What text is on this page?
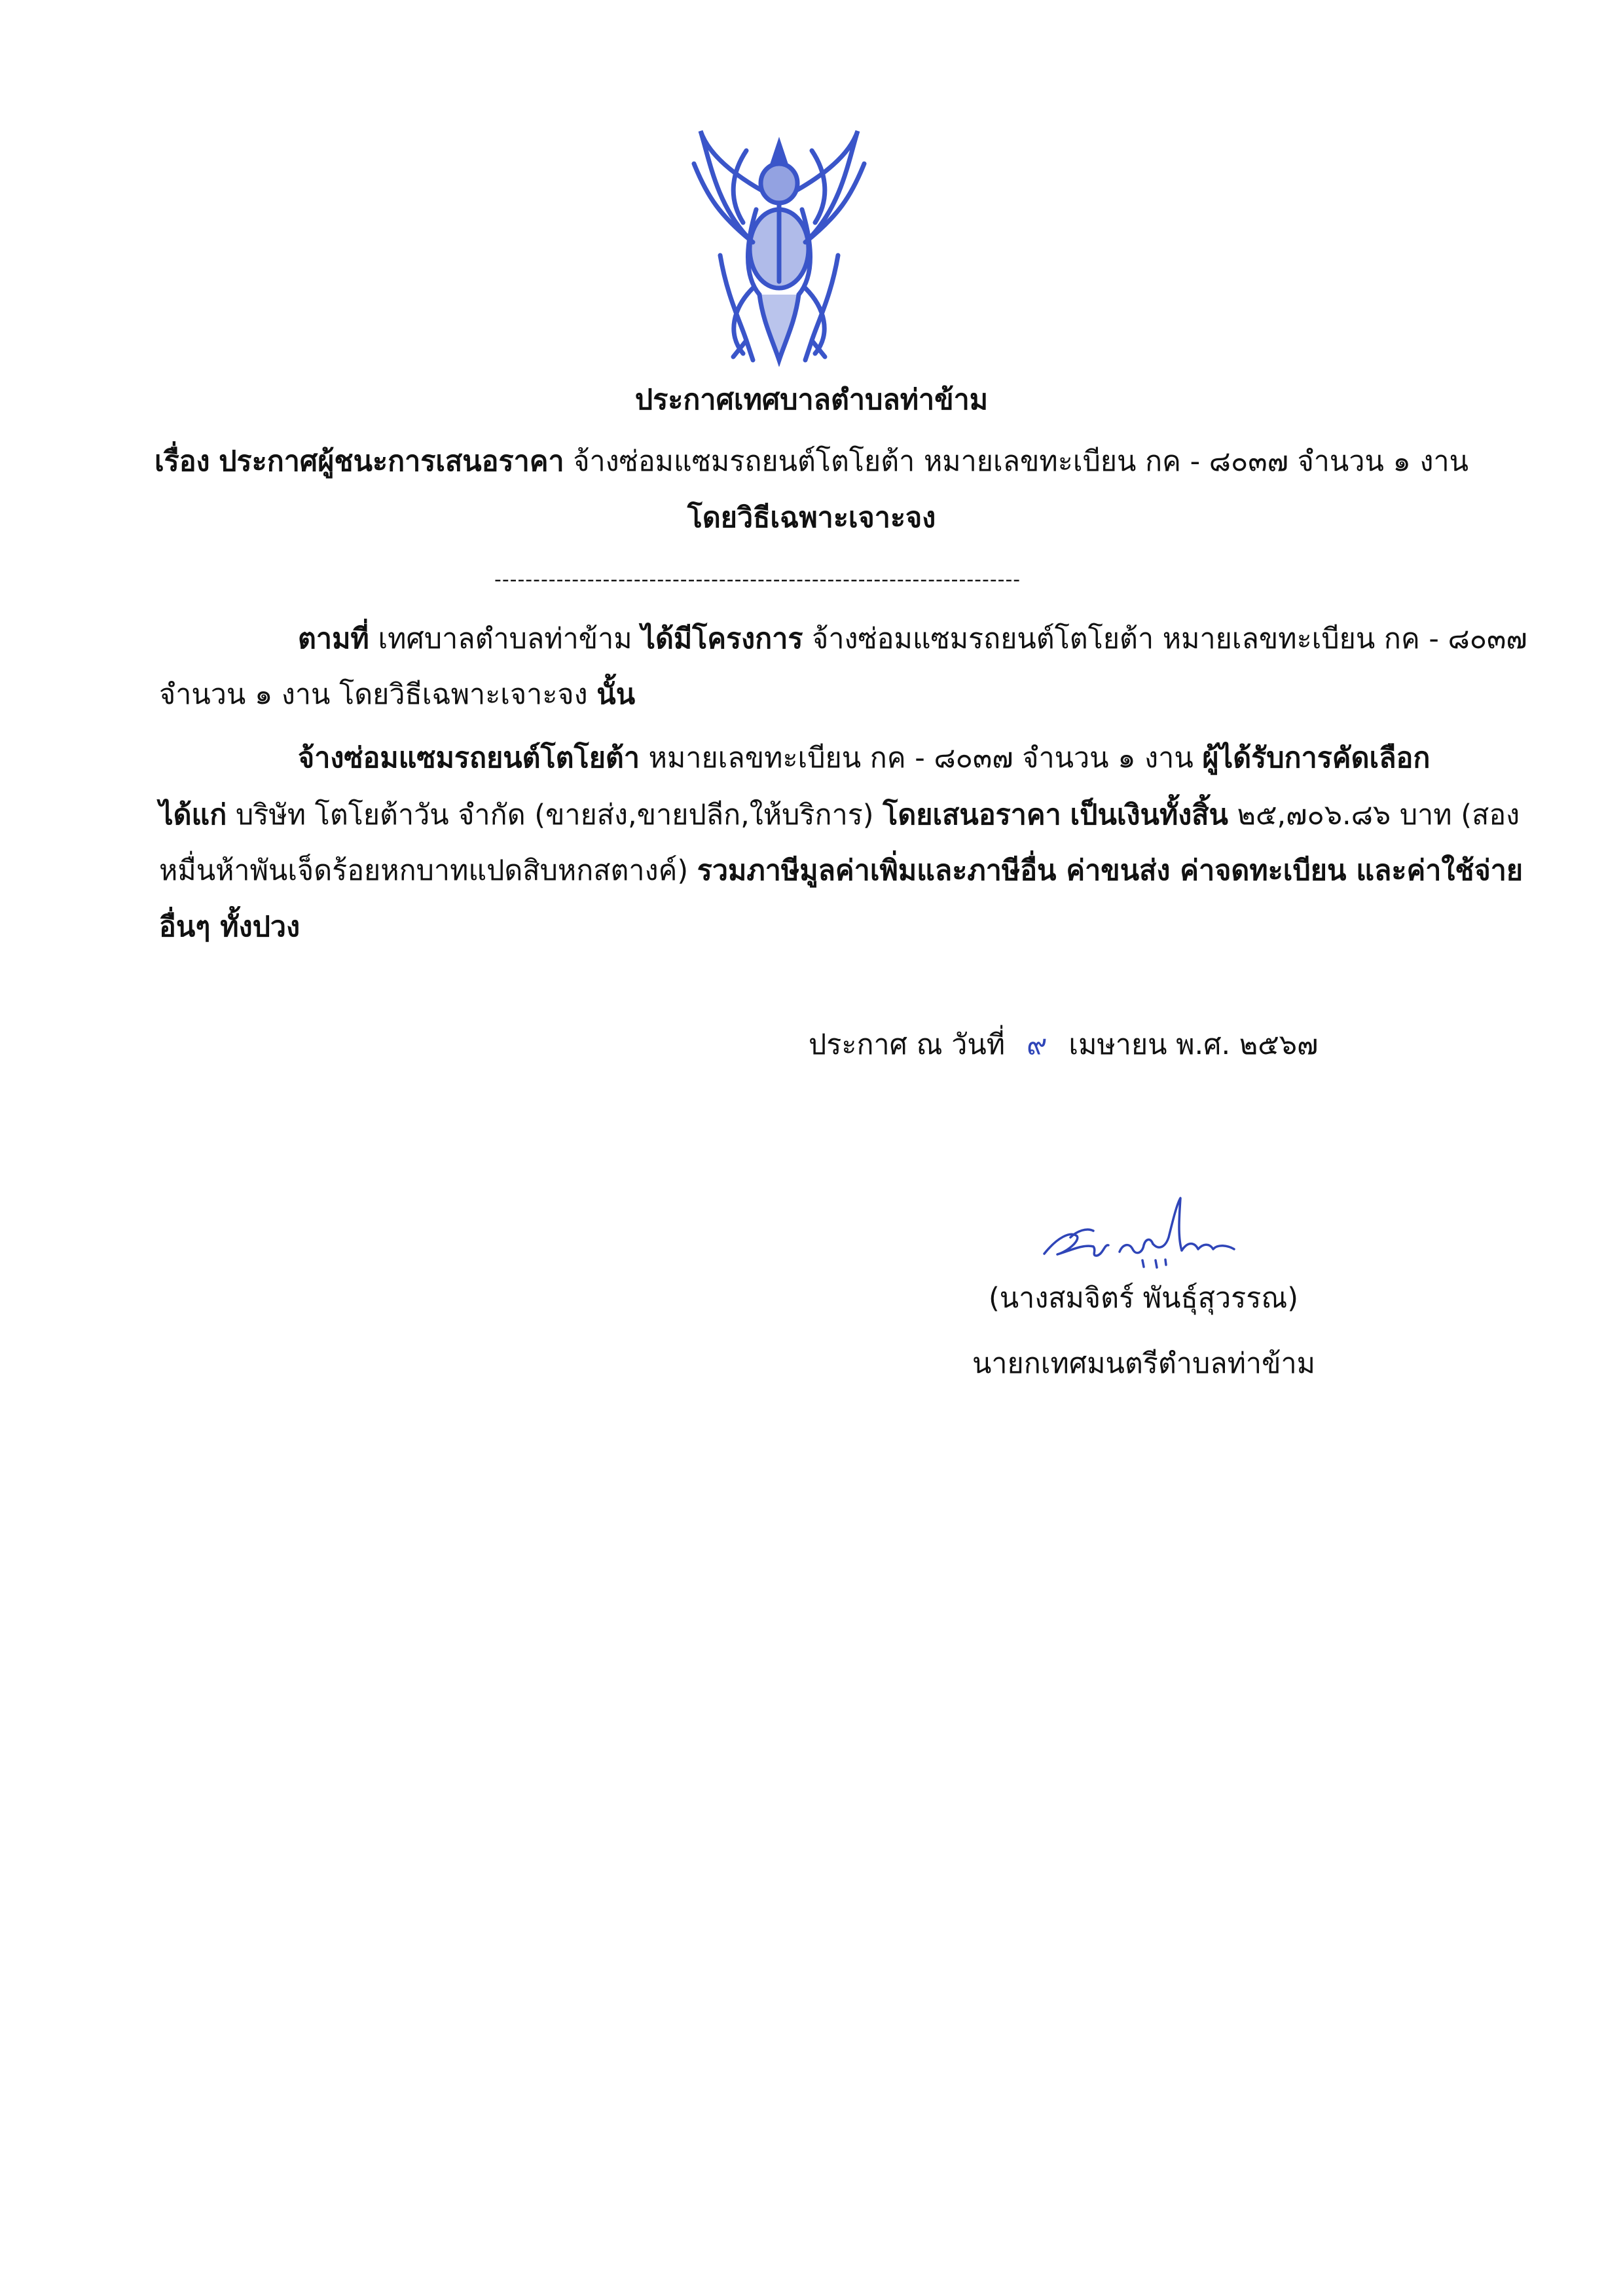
ประกาศเทศบาลตำบลท่าข้าม
เรื่อง ประกาศผู้ชนะการเสนอราคา จ้างซ่อมแซมรถยนต์โตโยต้า หมายเลขทะเบียน กค - ๘๐๓๗ จำนวน ๑ งาน
โดยวิธีเฉพาะเจาะจง
--------------------------------------------------------------------
ตามที่ เทศบาลตำบลท่าข้าม ได้มีโครงการ จ้างซ่อมแซมรถยนต์โตโยต้า หมายเลขทะเบียน กค - ๘๐๓๗
จำนวน ๑ งาน โดยวิธีเฉพาะเจาะจง นั้น
จ้างซ่อมแซมรถยนต์โตโยต้า หมายเลขทะเบียน กค - ๘๐๓๗ จำนวน ๑ งาน ผู้ได้รับการคัดเลือก
ได้แก่ บริษัท โตโยต้าวัน จำกัด (ขายส่ง,ขายปลีก,ให้บริการ) โดยเสนอราคา เป็นเงินทั้งสิ้น ๒๕,๗๐๖.๘๖ บาท (สอง
หมื่นห้าพันเจ็ดร้อยหกบาทแปดสิบหกสตางค์) รวมภาษีมูลค่าเพิ่มและภาษีอื่น ค่าขนส่ง ค่าจดทะเบียน และค่าใช้จ่าย
อื่นๆ ทั้งปวง
ประกาศ ณ วันที่ ๙ เมษายน พ.ศ. ๒๕๖๗
(นางสมจิตร์ พันธุ์สุวรรณ)
นายกเทศมนตรีตำบลท่าข้าม
